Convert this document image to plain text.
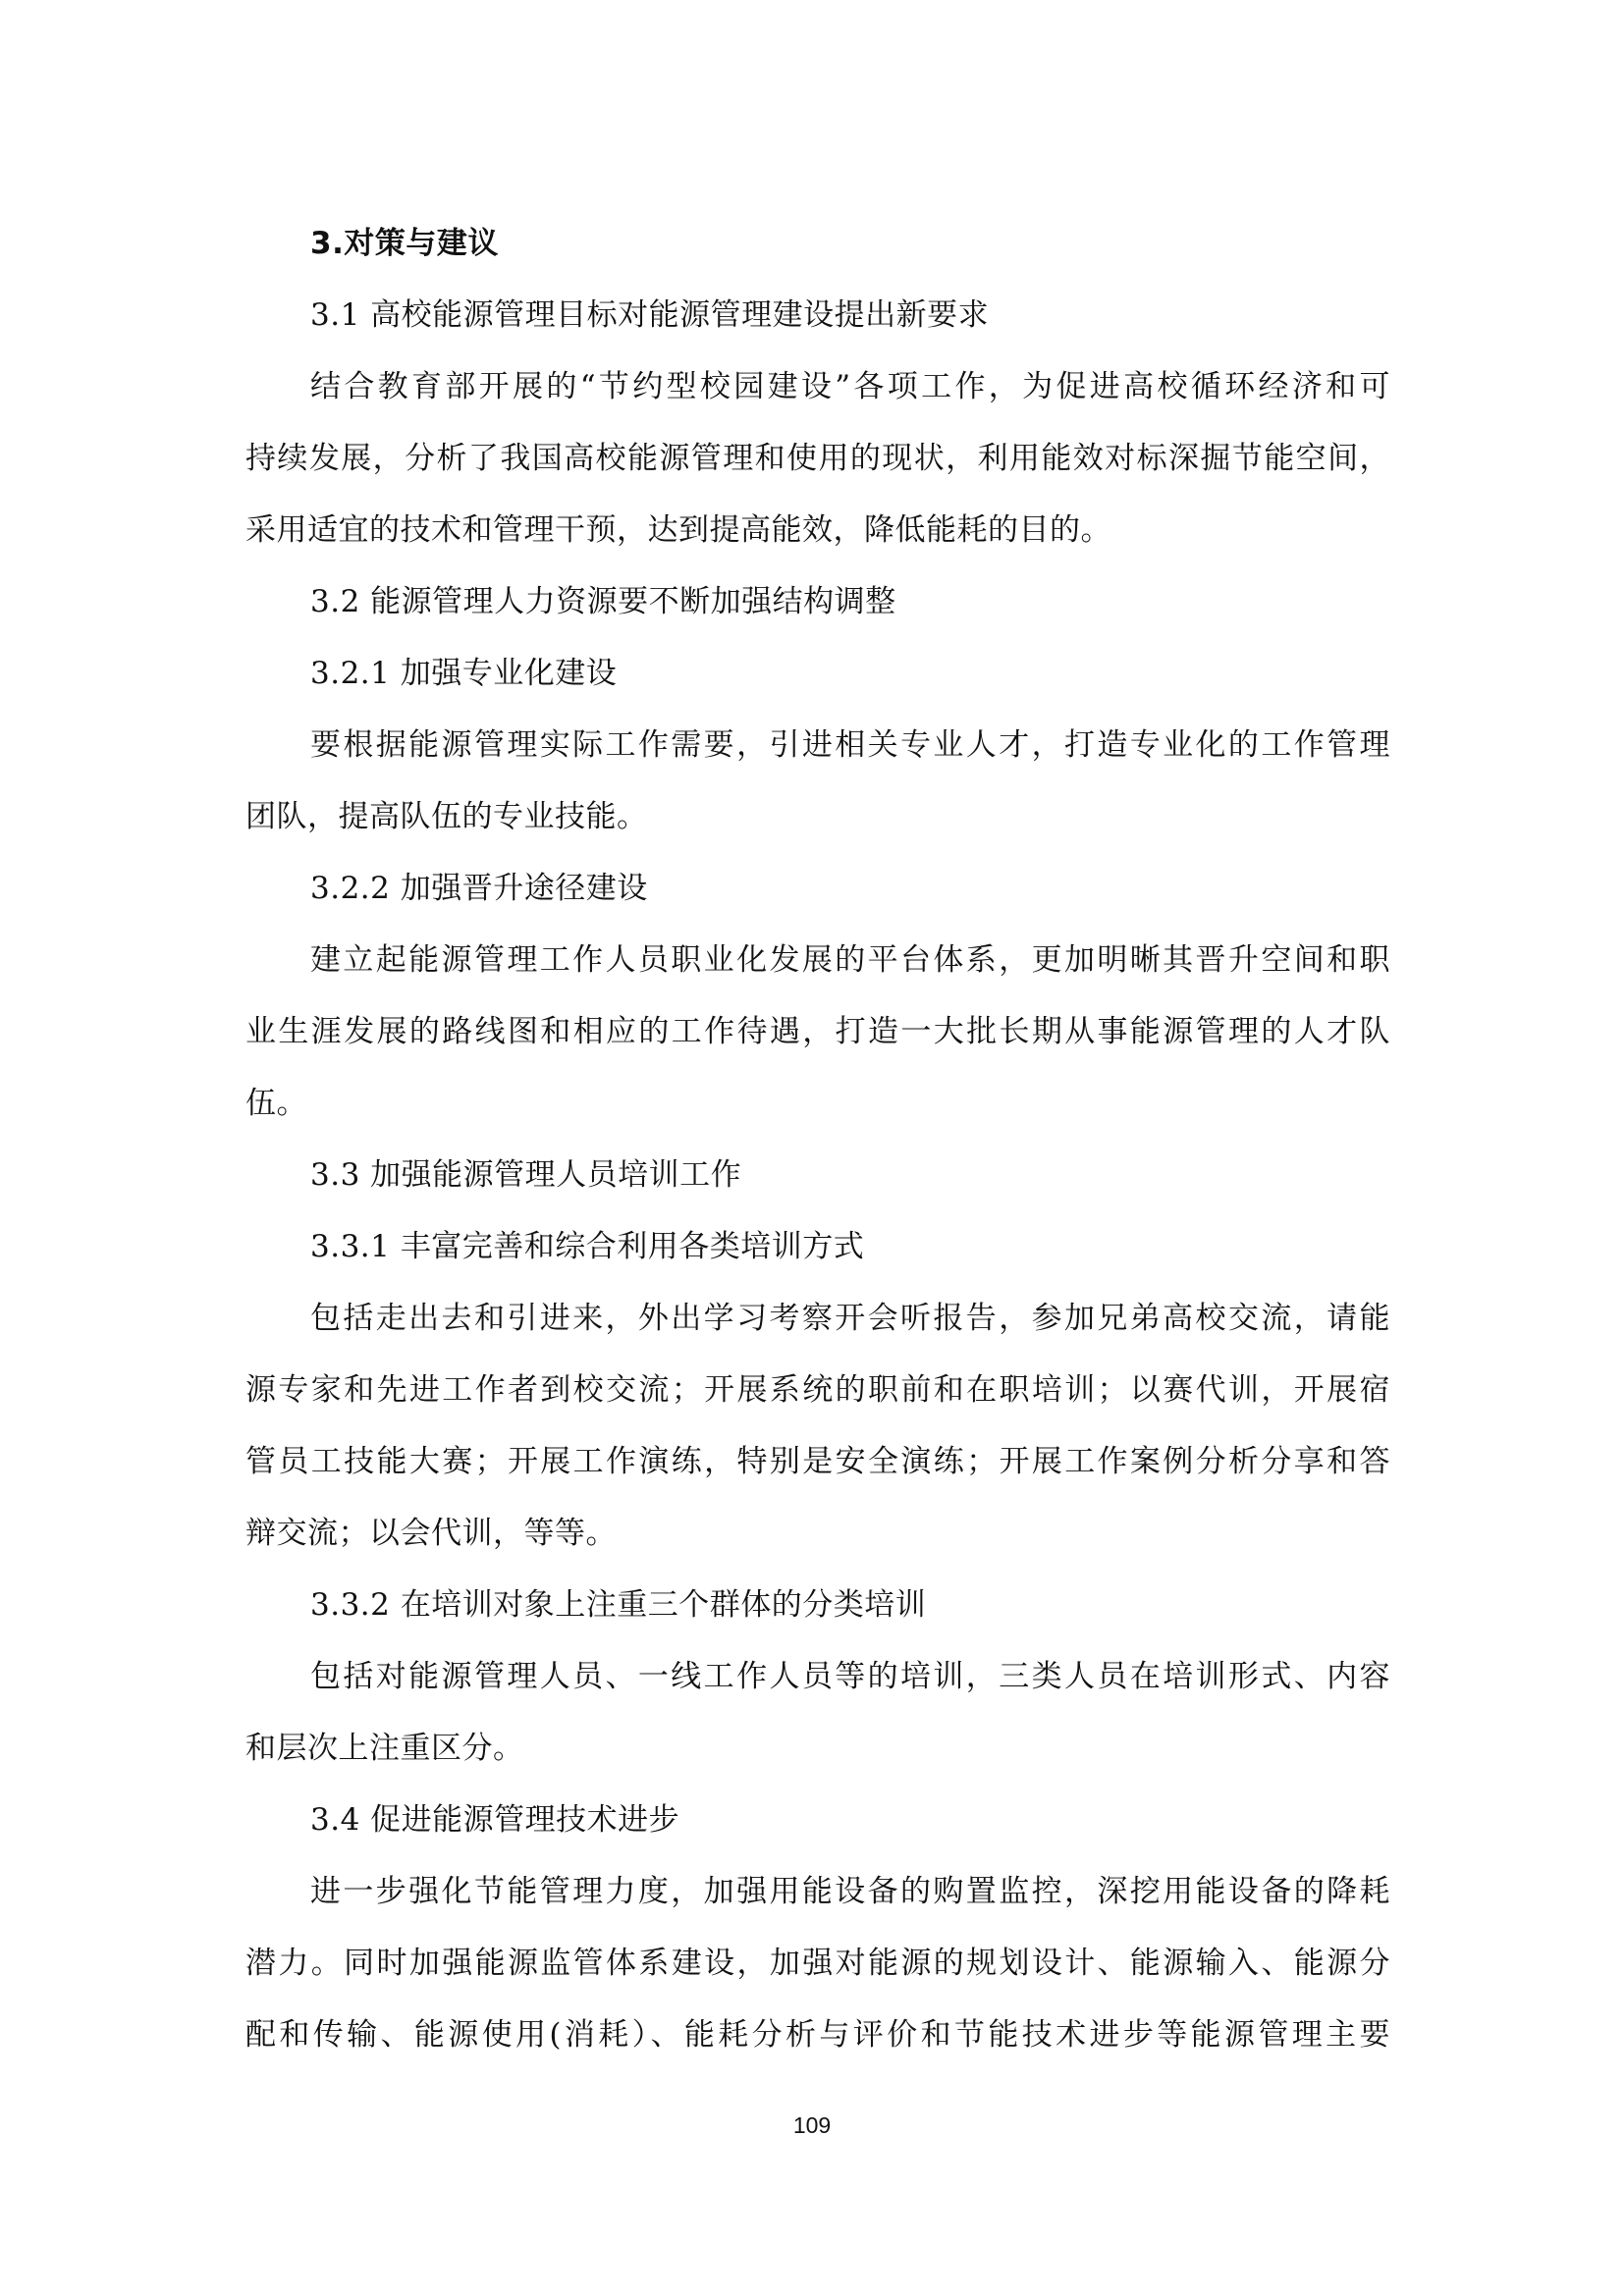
3.对策与建议
3.1 高校能源管理目标对能源管理建设提出新要求
结合教育部开展的“节约型校园建设”各项工作，为促进高校循环经济和可
持续发展，分析了我国高校能源管理和使用的现状，利用能效对标深掘节能空间，
采用适宜的技术和管理干预，达到提高能效，降低能耗的目的。
3.2 能源管理人力资源要不断加强结构调整
3.2.1 加强专业化建设
要根据能源管理实际工作需要，引进相关专业人才，打造专业化的工作管理
团队，提高队伍的专业技能。
3.2.2 加强晋升途径建设
建立起能源管理工作人员职业化发展的平台体系，更加明晰其晋升空间和职
业生涯发展的路线图和相应的工作待遇，打造一大批长期从事能源管理的人才队
伍。
3.3 加强能源管理人员培训工作
3.3.1 丰富完善和综合利用各类培训方式
包括走出去和引进来，外出学习考察开会听报告，参加兄弟高校交流，请能
源专家和先进工作者到校交流；开展系统的职前和在职培训；以赛代训，开展宿
管员工技能大赛；开展工作演练，特别是安全演练；开展工作案例分析分享和答
辩交流；以会代训，等等。
3.3.2 在培训对象上注重三个群体的分类培训
包括对能源管理人员、一线工作人员等的培训，三类人员在培训形式、内容
和层次上注重区分。
3.4 促进能源管理技术进步
进一步强化节能管理力度，加强用能设备的购置监控，深挖用能设备的降耗
潜力。同时加强能源监管体系建设，加强对能源的规划设计、能源输入、能源分
配和传输、能源使用(消耗）、能耗分析与评价和节能技术进步等能源管理主要
109
